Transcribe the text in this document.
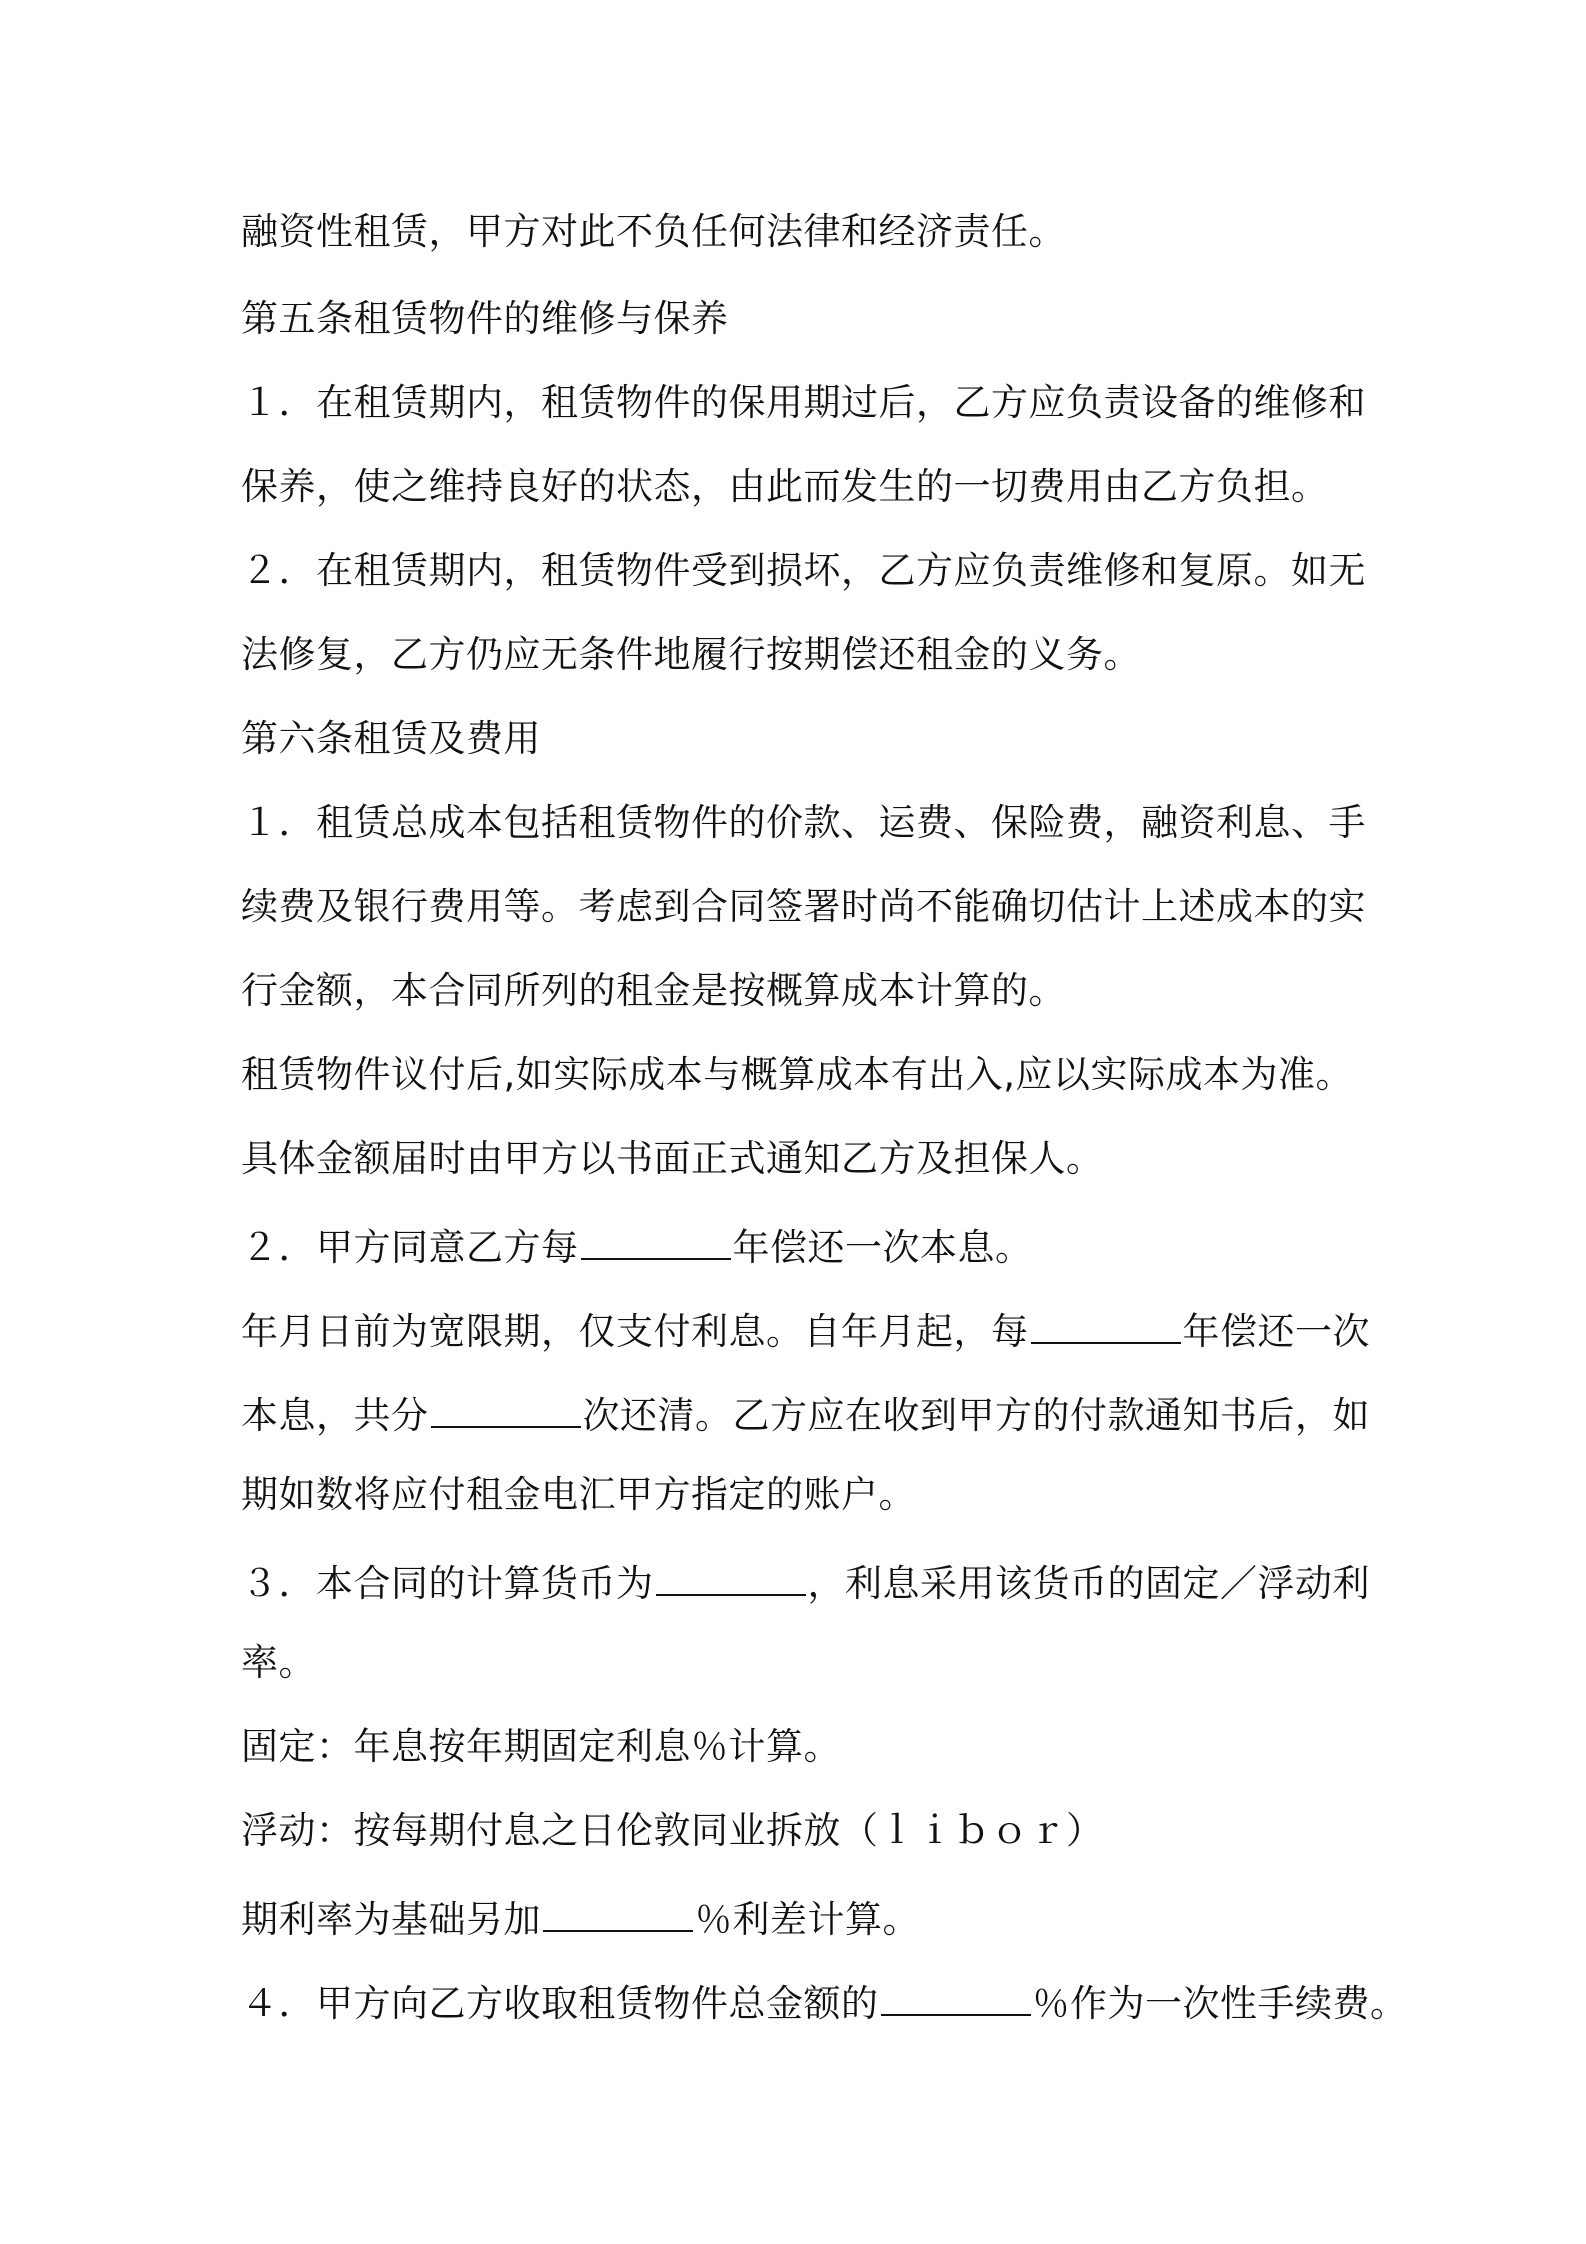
融资性租赁，甲方对此不负任何法律和经济责任。
第五条租赁物件的维修与保养
１．在租赁期内，租赁物件的保用期过后，乙方应负责设备的维修和
保养，使之维持良好的状态，由此而发生的一切费用由乙方负担。
２．在租赁期内，租赁物件受到损坏，乙方应负责维修和复原。如无
法修复，乙方仍应无条件地履行按期偿还租金的义务。
第六条租赁及费用
１．租赁总成本包括租赁物件的价款、运费、保险费，融资利息、手
续费及银行费用等。考虑到合同签署时尚不能确切估计上述成本的实
行金额，本合同所列的租金是按概算成本计算的。
租赁物件议付后,如实际成本与概算成本有出入,应以实际成本为准。
具体金额届时由甲方以书面正式通知乙方及担保人。
２．甲方同意乙方每	年偿还一次本息。
年月日前为宽限期，仅支付利息。自年月起，每	年偿还一次
本息，共分	次还清。乙方应在收到甲方的付款通知书后，如
期如数将应付租金电汇甲方指定的账户。
３．本合同的计算货币为	，利息采用该货币的固定／浮动利
率。
固定：年息按年期固定利息％计算。
浮动：按每期付息之日伦敦同业拆放（ｌｉｂｏｒ）
期利率为基础另加	％利差计算。
４．甲方向乙方收取租赁物件总金额的	％作为一次性手续费。
